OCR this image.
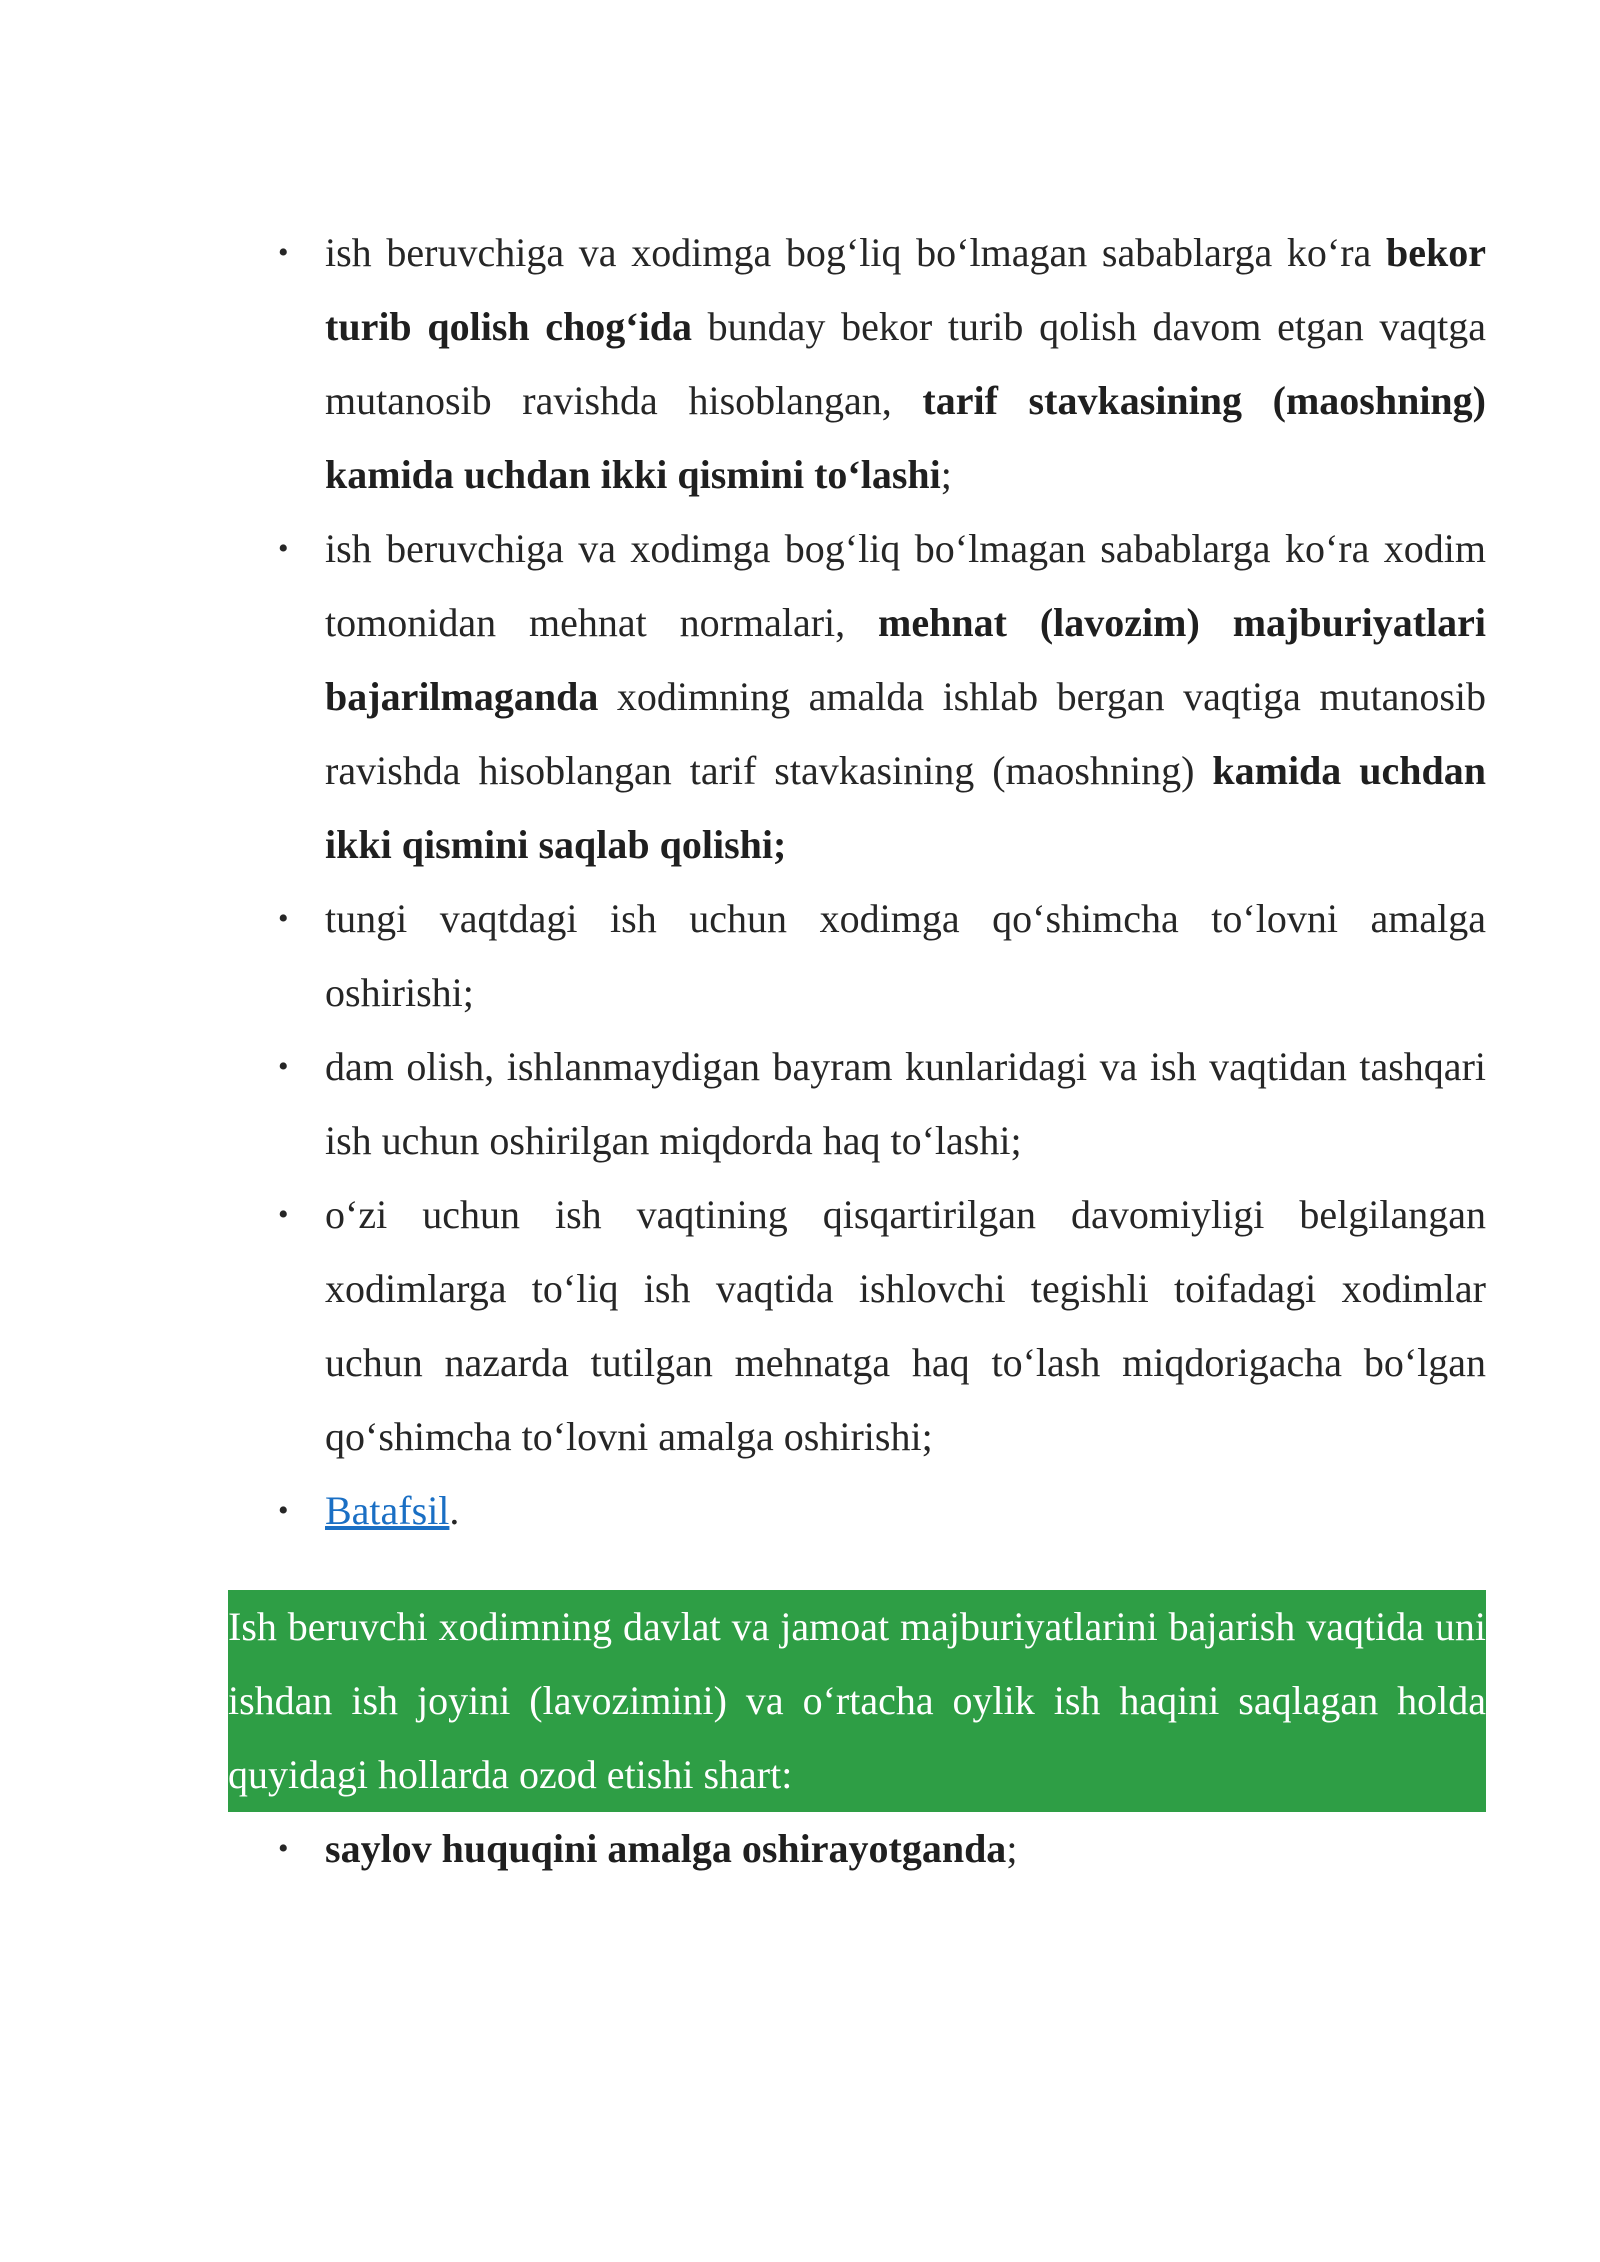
• ish beruvchiga va xodimga bog‘liq bo‘lmagan sabablarga ko‘ra bekor turib qolish chog‘ida bunday bekor turib qolish davom etgan vaqtga mutanosib ravishda hisoblangan, tarif stavkasining (maoshning) kamida uchdan ikki qismini to‘lashi;
• ish beruvchiga va xodimga bog‘liq bo‘lmagan sabablarga ko‘ra xodim tomonidan mehnat normalari, mehnat (lavozim) majburiyatlari bajarilmaganda xodimning amalda ishlab bergan vaqtiga mutanosib ravishda hisoblangan tarif stavkasining (maoshning) kamida uchdan ikki qismini saqlab qolishi;
• tungi vaqtdagi ish uchun xodimga qo‘shimcha to‘lovni amalga oshirishi;
• dam olish, ishlanmaydigan bayram kunlaridagi va ish vaqtidan tashqari ish uchun oshirilgan miqdorda haq to‘lashi;
• o‘zi uchun ish vaqtining qisqartirilgan davomiyligi belgilangan xodimlarga to‘liq ish vaqtida ishlovchi tegishli toifadagi xodimlar uchun nazarda tutilgan mehnatga haq to‘lash miqdorigacha bo‘lgan qo‘shimcha to‘lovni amalga oshirishi;
• Batafsil.
Ish beruvchi xodimning davlat va jamoat majburiyatlarini bajarish vaqtida uni ishdan ish joyini (lavozimini) va o‘rtacha oylik ish haqini saqlagan holda quyidagi hollarda ozod etishi shart:
• saylov huquqini amalga oshirayotganda;
